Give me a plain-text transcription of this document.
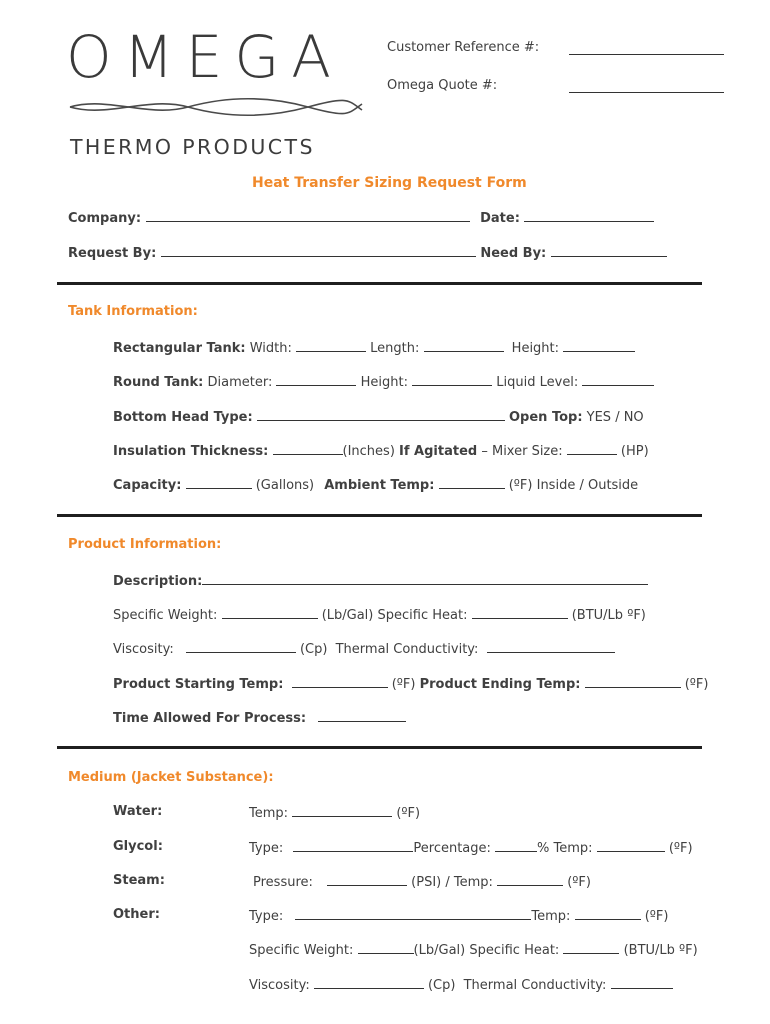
OMEGA
THERMO PRODUCTS
Customer Reference #:
Omega Quote #:
Heat Transfer Sizing Request Form
Company:	Date:
Request By:	Need By:
Tank Information:
Rectangular Tank: Width:	Length:	Height:
Round Tank: Diameter:	Height:	Liquid Level:
Bottom Head Type:	Open Top: YES / NO
Insulation Thickness:	(Inches) If Agitated – Mixer Size:	(HP)
Capacity:	(Gallons) Ambient Temp:	(ºF) Inside / Outside
Product Information:
Description:
Specific Weight:	(Lb/Gal) Specific Heat:	(BTU/Lb ºF)
Viscosity:	(Cp) Thermal Conductivity:
Product Starting Temp:	(ºF) Product Ending Temp:	(ºF)
Time Allowed For Process:
Medium (Jacket Substance):
Water:	Temp:	(ºF)
Glycol:	Type:	Percentage:	% Temp:	(ºF)
Steam:	Pressure:	(PSI) / Temp:	(ºF)
Other:	Type:	Temp:	(ºF)
Specific Weight:	(Lb/Gal) Specific Heat:	(BTU/Lb ºF)
Viscosity:	(Cp) Thermal Conductivity:
